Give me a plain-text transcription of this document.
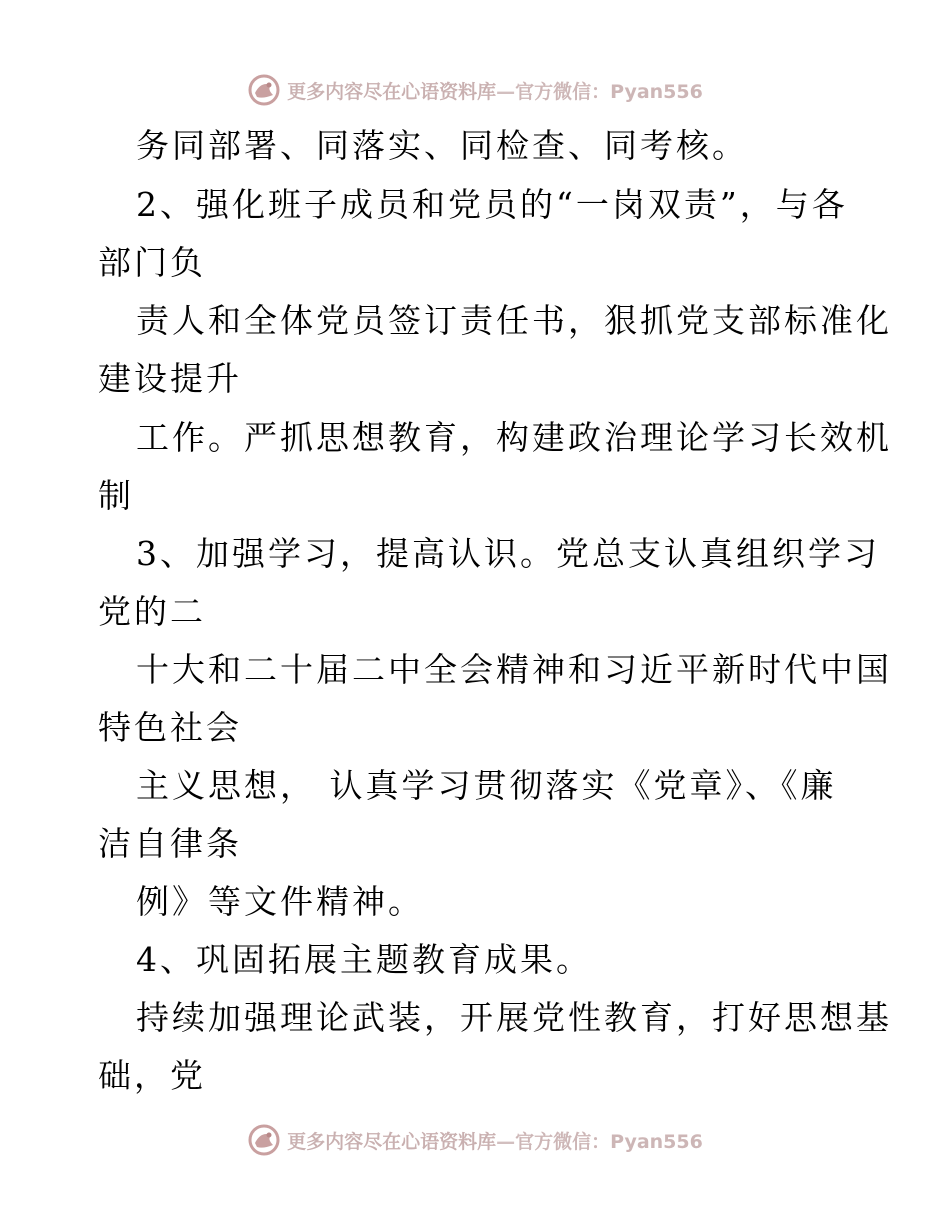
更多内容尽在心语资料库—官方微信：Pyan556
务同部署、同落实、同检查、同考核。
2、强化班子成员和党员的“一岗双责”，与各
部门负
责人和全体党员签订责任书，狠抓党支部标准化
建设提升
工作。严抓思想教育，构建政治理论学习长效机
制
3、加强学习，提高认识。党总支认真组织学习
党的二
十大和二十届二中全会精神和习近平新时代中国
特色社会
主义思想， 认真学习贯彻落实《党章》、《廉
洁自律条
例》等文件精神。
4、巩固拓展主题教育成果。
持续加强理论武装，开展党性教育，打好思想基
础，党
更多内容尽在心语资料库—官方微信：Pyan556
